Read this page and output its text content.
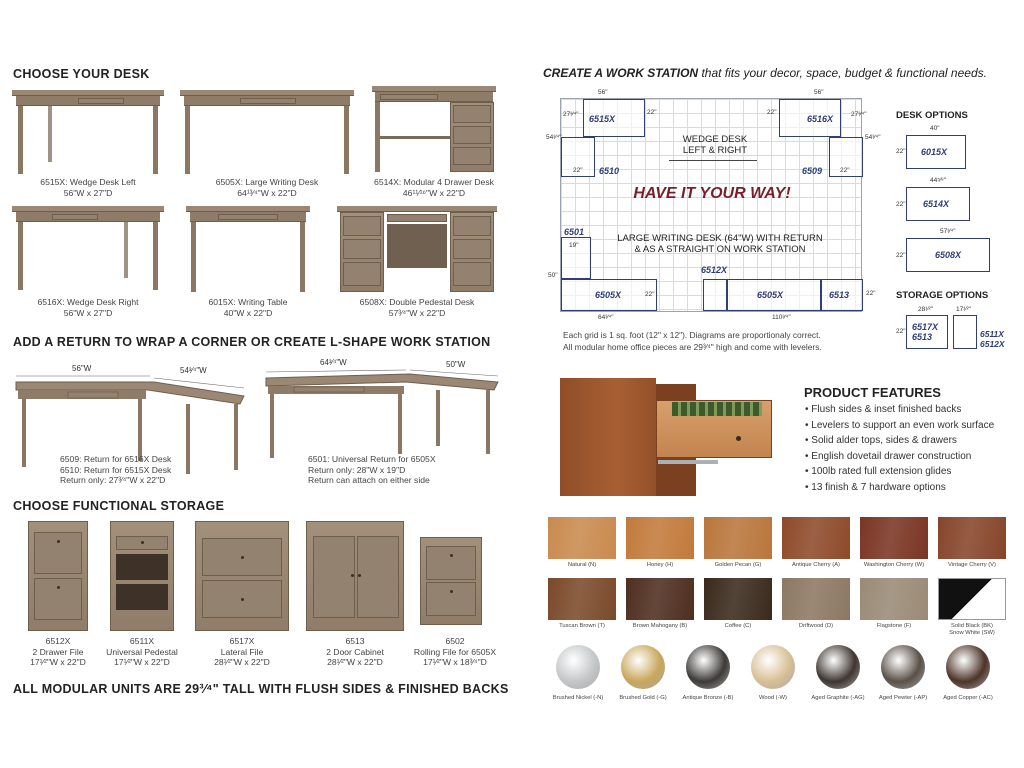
CHOOSE YOUR DESK
6515X: Wedge Desk Left
56"W x 27"D
6505X: Large Writing Desk
64¹³⁄⁴"W x 22"D
6514X: Modular 4 Drawer Desk
46¹¹⁄¹⁶"W x 22"D
6516X: Wedge Desk Right
56"W x 27"D
6015X: Writing Table
40"W x 22"D
6508X: Double Pedestal Desk
57³⁄⁴"W x 22"D
ADD A RETURN TO WRAP A CORNER OR CREATE L-SHAPE WORK STATION
56"W	54³⁄⁴"W
6509: Return for 6516X Desk
6510: Return for 6515X Desk
Return only: 27³⁄⁴"W x 22"D
64³⁄⁴"W	50"W
6501: Universal Return for 6505X
Return only: 28"W x 19"D
Return can attach on either side
CHOOSE FUNCTIONAL STORAGE
6512X
2 Drawer File
17¹⁄²"W x 22"D
6511X
Universal Pedestal
17¹⁄²"W x 22"D
6517X
Lateral File
28¹⁄²"W x 22"D
6513
2 Door Cabinet
28¹⁄²"W x 22"D
6502
Rolling File for 6505X
17¹⁄²"W x 18³⁄⁴"D
ALL MODULAR UNITS ARE 29³⁄⁴" TALL WITH FLUSH SIDES & FINISHED BACKS
CREATE A WORK STATION that fits your decor, space, budget & functional needs.
6515X
6510
6516X
6509
WEDGE DESK
LEFT & RIGHT
HAVE IT YOUR WAY!
LARGE WRITING DESK (64"W) WITH RETURN
& AS A STRAIGHT ON WORK STATION
6501
6505X
6512X
6505X	6513
27³⁄⁴"	27³⁄⁴"
22"	22"
22"	22"
19"
22"
56"	56"
54³⁄⁴"	54³⁄⁴"
50"
22"
64³⁄⁴"	110³⁄⁴"
Each grid is 1 sq. foot (12" x 12"). Diagrams are proportionaly correct.
All modular home office pieces are 29³⁄⁴" high and come with levelers.
DESK OPTIONS
40"
22" 6015X
44⁵⁄⁸"
22" 6514X
57³⁄⁴"
22"	6508X
STORAGE OPTIONS
28¹⁄²"
22" 6517X
6513
17¹⁄²"
6511X
6512X
PRODUCT FEATURES
• Flush sides & inset finished backs
• Levelers to support an even work surface
• Solid alder tops, sides & drawers
• English dovetail drawer construction
• 100lb rated full extension glides
• 13 finish & 7 hardware options
Natural (N)	Honey (H)	Golden Pecan (G)	Antique Cherry (A)	Washington Cherry (W)	Vintage Cherry (V)
Tuscan Brown (T)	Brown Mahogany (B)	Coffee (C)	Driftwood (D)	Flagstone (F)	Solid Black (BK)
Snow White (SW)
Brushed Nickel (-N)	Brushed Gold (-G)	Antique Bronze (-B)	Wood (-W)	Aged Graphite (-AG)	Aged Pewter (-AP)	Aged Copper (-AC)
